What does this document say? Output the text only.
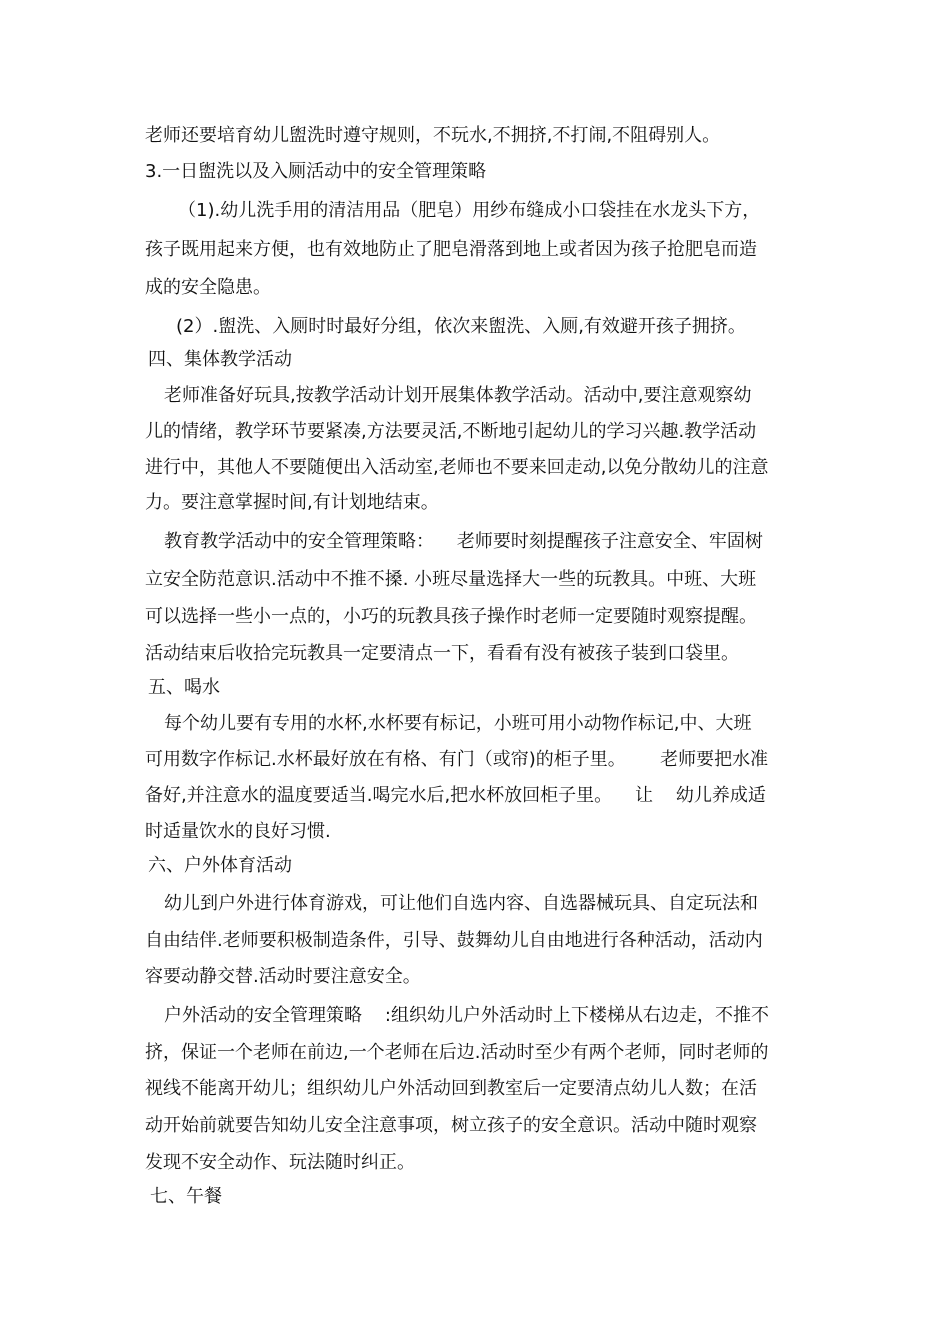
老师还要培育幼儿盥洗时遵守规则，不玩水,不拥挤,不打闹,不阻碍别人。
3.一日盥洗以及入厕活动中的安全管理策略
（1).幼儿洗手用的清洁用品（肥皂）用纱布缝成小口袋挂在水龙头下方，
孩子既用起来方便，也有效地防止了肥皂滑落到地上或者因为孩子抢肥皂而造
成的安全隐患。
(2）.盥洗、入厕时时最好分组，依次来盥洗、入厕,有效避开孩子拥挤。
四、集体教学活动
老师准备好玩具,按教学活动计划开展集体教学活动。活动中,要注意观察幼
儿的情绪，教学环节要紧凑,方法要灵活,不断地引起幼儿的学习兴趣.教学活动
进行中，其他人不要随便出入活动室,老师也不要来回走动,以免分散幼儿的注意
力。要注意掌握时间,有计划地结束。
教育教学活动中的安全管理策略：    老师要时刻提醒孩子注意安全、牢固树
立安全防范意识.活动中不推不搡. 小班尽量选择大一些的玩教具。中班、大班
可以选择一些小一点的，小巧的玩教具孩子操作时老师一定要随时观察提醒。
活动结束后收拾完玩教具一定要清点一下，看看有没有被孩子装到口袋里。
五、喝水
每个幼儿要有专用的水杯,水杯要有标记，小班可用小动物作标记,中、大班
可用数字作标记.水杯最好放在有格、有门（或帘)的柜子里。      老师要把水准
备好,并注意水的温度要适当.喝完水后,把水杯放回柜子里。    让    幼儿养成适
时适量饮水的良好习惯.
六、户外体育活动
幼儿到户外进行体育游戏，可让他们自选内容、自选器械玩具、自定玩法和
自由结伴.老师要积极制造条件，引导、鼓舞幼儿自由地进行各种活动，活动内
容要动静交替.活动时要注意安全。
户外活动的安全管理策略    :组织幼儿户外活动时上下楼梯从右边走，不推不
挤，保证一个老师在前边,一个老师在后边.活动时至少有两个老师，同时老师的
视线不能离开幼儿；组织幼儿户外活动回到教室后一定要清点幼儿人数；在活
动开始前就要告知幼儿安全注意事项，树立孩子的安全意识。活动中随时观察
发现不安全动作、玩法随时纠正。
七、午餐
